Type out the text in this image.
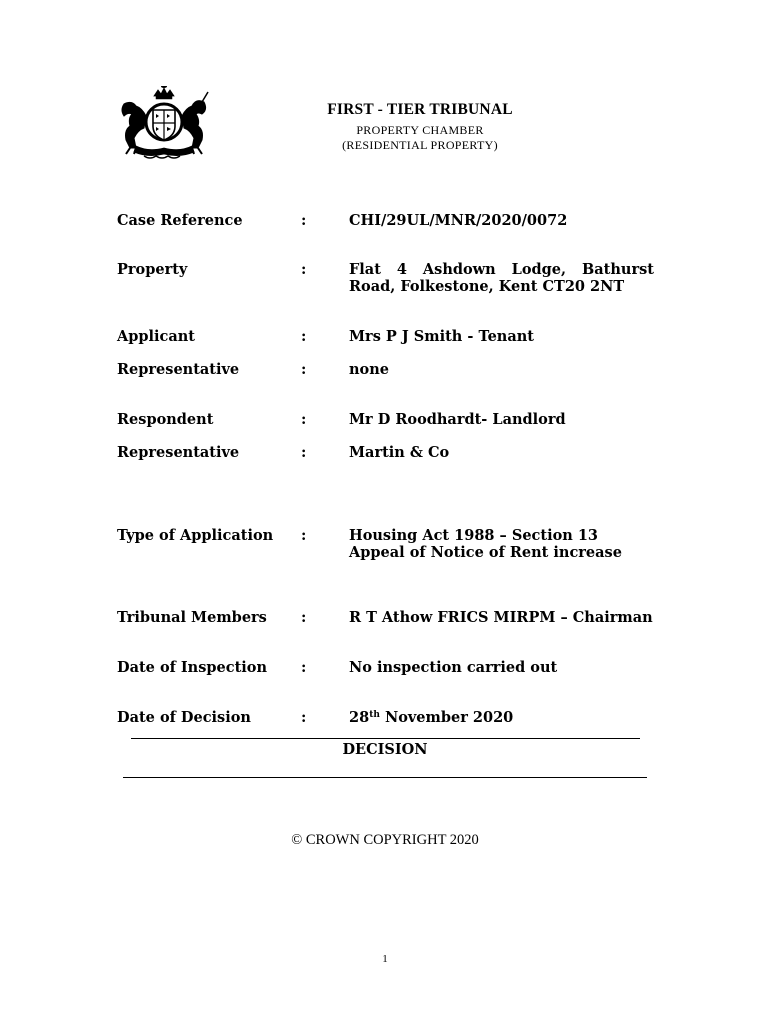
FIRST - TIER TRIBUNAL
PROPERTY CHAMBER
(RESIDENTIAL PROPERTY)
Case Reference	:	CHI/29UL/MNR/2020/0072
Property	:	Flat 4 Ashdown Lodge, Bathurst
Road, Folkestone, Kent CT20 2NT
Applicant	:	Mrs P J Smith - Tenant
Representative	:	none
Respondent	:	Mr D Roodhardt- Landlord
Representative	:	Martin & Co
Type of Application :	Housing Act 1988 – Section 13
Appeal of Notice of Rent increase
Tribunal Members :	R T Athow FRICS MIRPM – Chairman
Date of Inspection :	No inspection carried out
Date of Decision	:	28th November 2020
DECISION
© CROWN COPYRIGHT 2020
1
